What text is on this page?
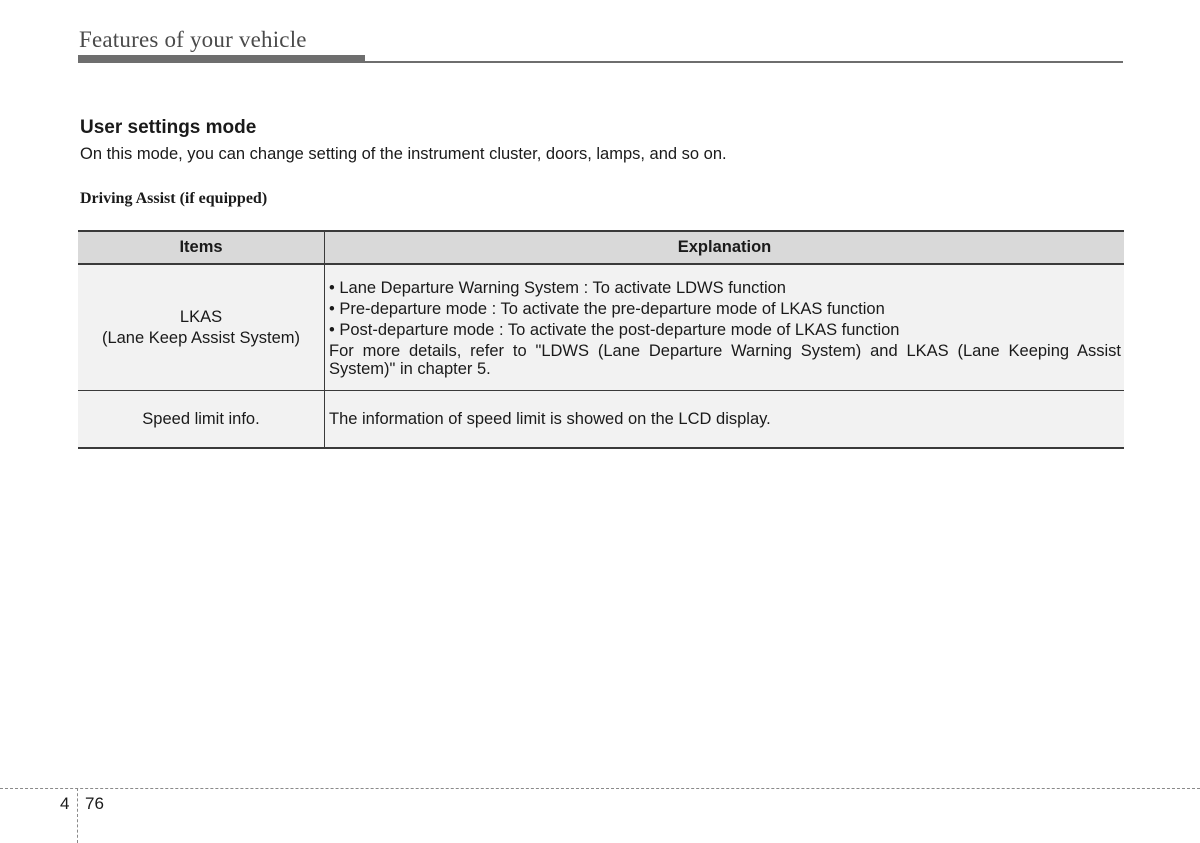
Features of your vehicle
User settings mode
On this mode, you can change setting of the instrument cluster, doors, lamps, and so on.
Driving Assist (if equipped)
Items	Explanation

LKAS
(Lane Keep Assist System)	• Lane Departure Warning System : To activate LDWS function
• Pre-departure mode : To activate the pre-departure mode of LKAS function
• Post-departure mode : To activate the post-departure mode of LKAS function
For more details, refer to "LDWS (Lane Departure Warning System) and LKAS (Lane Keeping Assist System)" in chapter 5.

Speed limit info.	The information of speed limit is showed on the LCD display.
4 76
